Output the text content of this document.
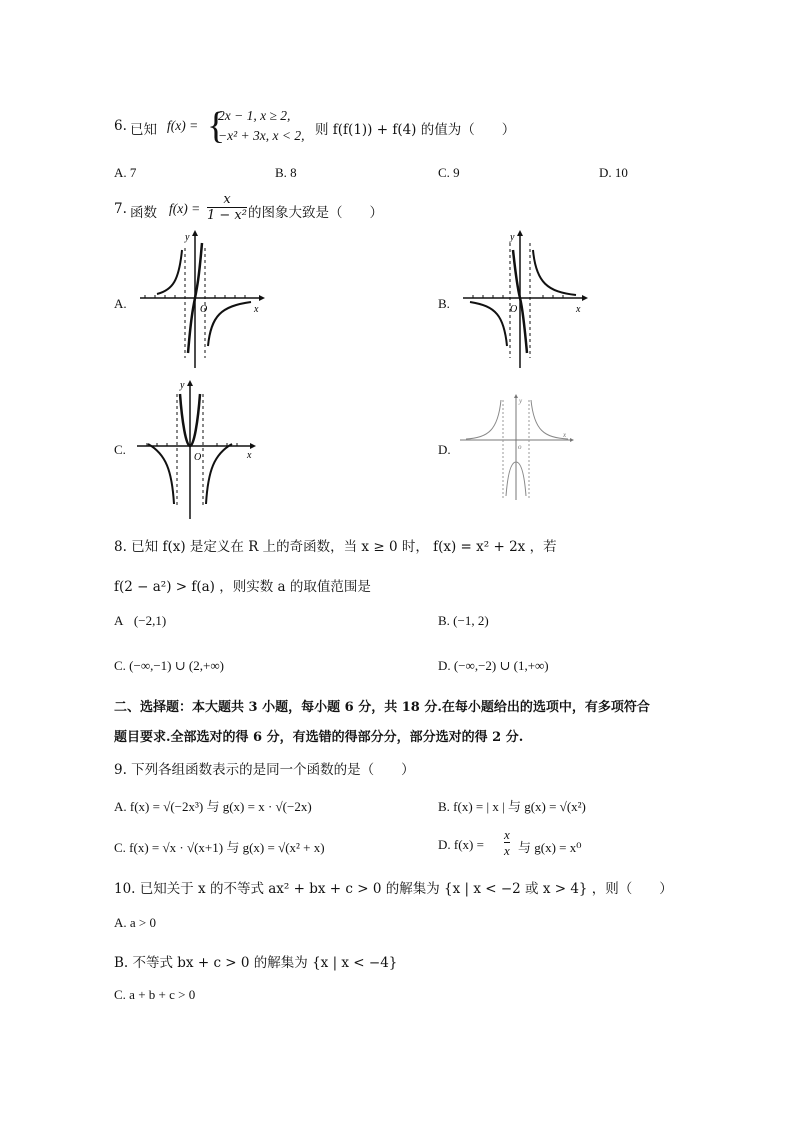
6. 已知 f(x) = {
2x − 1, x ≥ 2,
−x² + 3x, x < 2, 则 f(f(1)) + f(4) 的值为（　　）
A. 7	B. 8	C. 9	D. 10
7. 函数 $f(x) = \frac{x}{\text{1 − x²}}$ 的图象大致是（　　）
A.	B.
C.	D.
y
x
O
y
x
O
y
x
O
y
x
o
8. 已知 f(x) 是定义在 R 上的奇函数，当 x ≥ 0 时， f(x) = x² + 2x ，若
f(2 − a²) > f(a) ，则实数 a 的取值范围是
A (−2,1)	B. (−1, 2)
C. (−∞,−1) ∪ (2,+∞)	D. (−∞,−2) ∪ (1,+∞)
二、选择题：本大题共 3 小题，每小题 6 分，共 18 分.在每小题给出的选项中，有多项符合
题目要求.全部选对的得 6 分，有选错的得部分分，部分选对的得 2 分.
9. 下列各组函数表示的是同一个函数的是（　　）
A. f(x) = √(−2x³) 与 g(x) = x · √(−2x)	B. f(x) = | x | 与 g(x) = √(x²)
C. f(x) = √x · √(x+1) 与 g(x) = √(x² + x)	D. $f(x) = \frac{x}{x}$ 与 g(x) = x⁰
10. 已知关于 x 的不等式 ax² + bx + c > 0 的解集为 {x | x < −2 或 x > 4} ，则（　　）
A. a > 0
B. 不等式 bx + c > 0 的解集为 {x | x < −4}
C. a + b + c > 0
